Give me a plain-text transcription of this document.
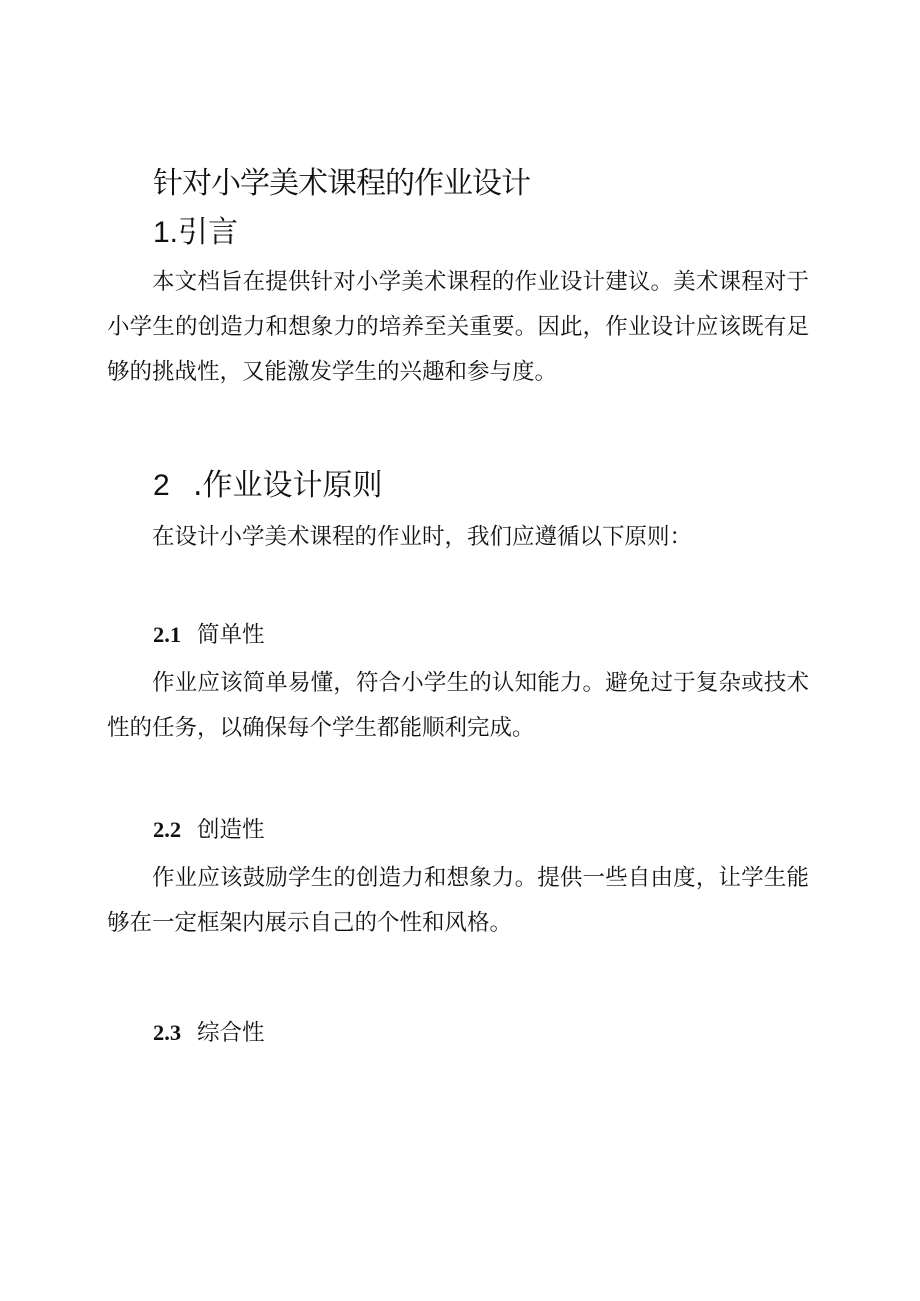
针对小学美术课程的作业设计
1.引言

本文档旨在提供针对小学美术课程的作业设计建议。美术课程对于小学生的创造力和想象力的培养至关重要。因此，作业设计应该既有足够的挑战性，又能激发学生的兴趣和参与度。

2 .作业设计原则

在设计小学美术课程的作业时，我们应遵循以下原则：

2.1 简单性

作业应该简单易懂，符合小学生的认知能力。避免过于复杂或技术性的任务，以确保每个学生都能顺利完成。

2.2 创造性

作业应该鼓励学生的创造力和想象力。提供一些自由度，让学生能够在一定框架内展示自己的个性和风格。

2.3 综合性
